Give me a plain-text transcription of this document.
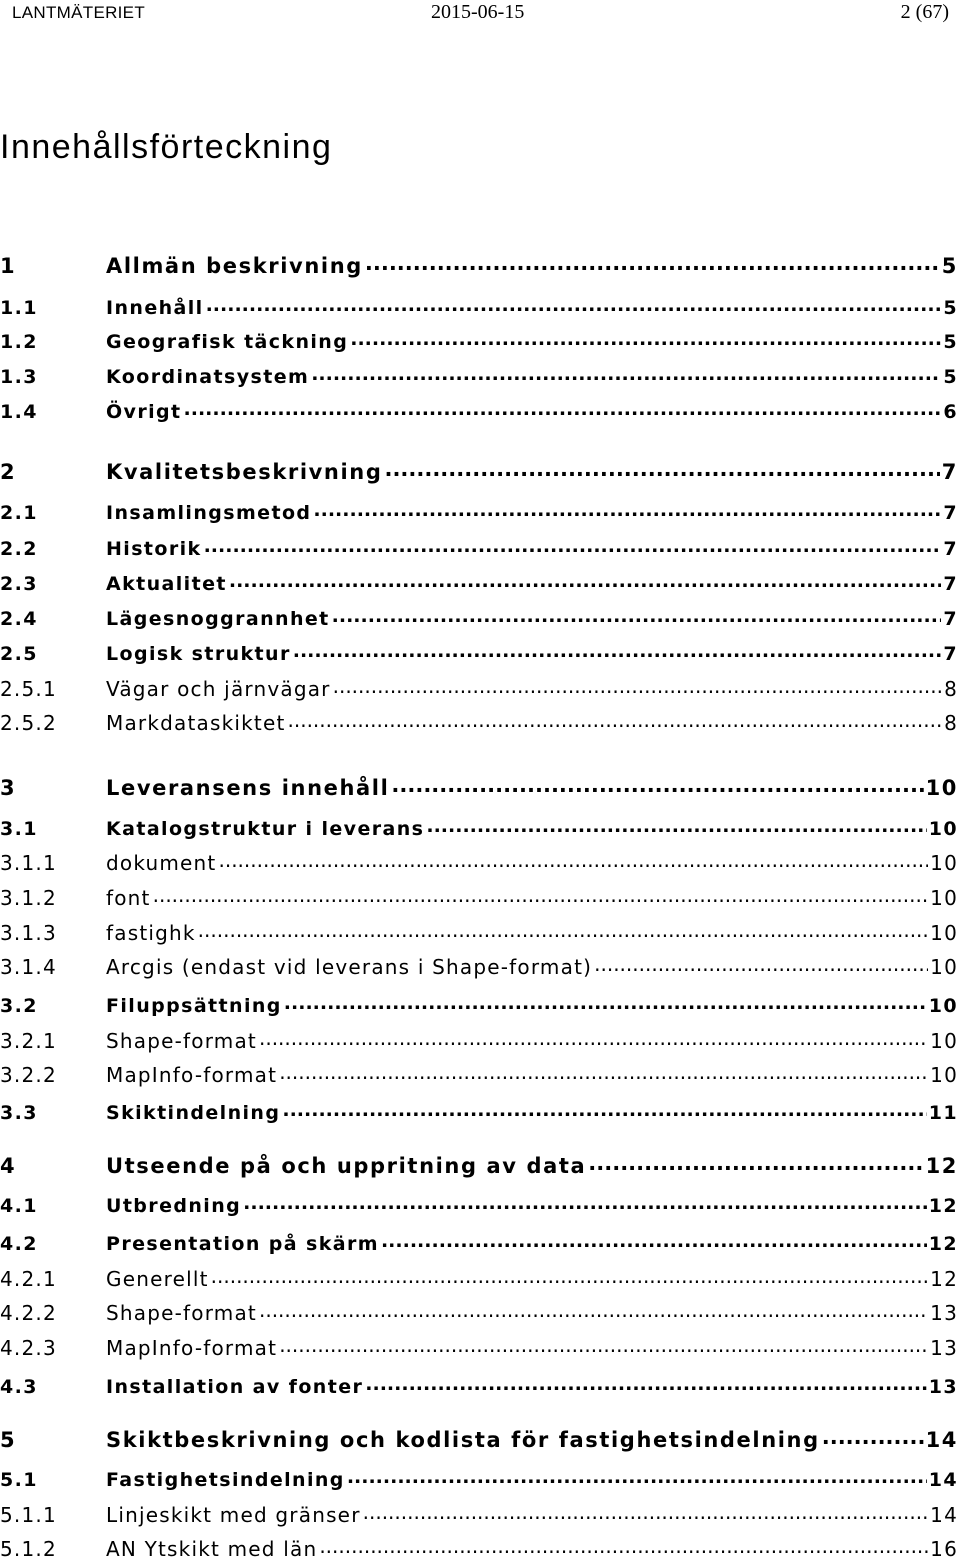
LANTMÄTERIET	2015-06-15	2 (67)
Innehållsförteckning
1	Allmän beskrivning .....	5
1.1	Innehåll .....	5
1.2	Geografisk täckning .....	5
1.3	Koordinatsystem .....	5
1.4	Övrigt .....	6
2	Kvalitetsbeskrivning .....	7
2.1	Insamlingsmetod .....	7
2.2	Historik .....	7
2.3	Aktualitet .....	7
2.4	Lägesnoggrannhet .....	7
2.5	Logisk struktur .....	7
2.5.1	Vägar och järnvägar .....	8
2.5.2	Markdataskiktet .....	8
3	Leveransens innehåll .....	10
3.1	Katalogstruktur i leverans .....	10
3.1.1	dokument .....	10
3.1.2	font .....	10
3.1.3	fastighk .....	10
3.1.4	Arcgis (endast vid leverans i Shape-format) .....	10
3.2	Filuppsättning .....	10
3.2.1	Shape-format .....	10
3.2.2	MapInfo-format .....	10
3.3	Skiktindelning .....	11
4	Utseende på och uppritning av data .....	12
4.1	Utbredning .....	12
4.2	Presentation på skärm .....	12
4.2.1	Generellt .....	12
4.2.2	Shape-format .....	13
4.2.3	MapInfo-format .....	13
4.3	Installation av fonter .....	13
5	Skiktbeskrivning och kodlista för fastighetsindelning .....	14
5.1	Fastighetsindelning .....	14
5.1.1	Linjeskikt med gränser .....	14
5.1.2	AN Ytskikt med län .....	16
